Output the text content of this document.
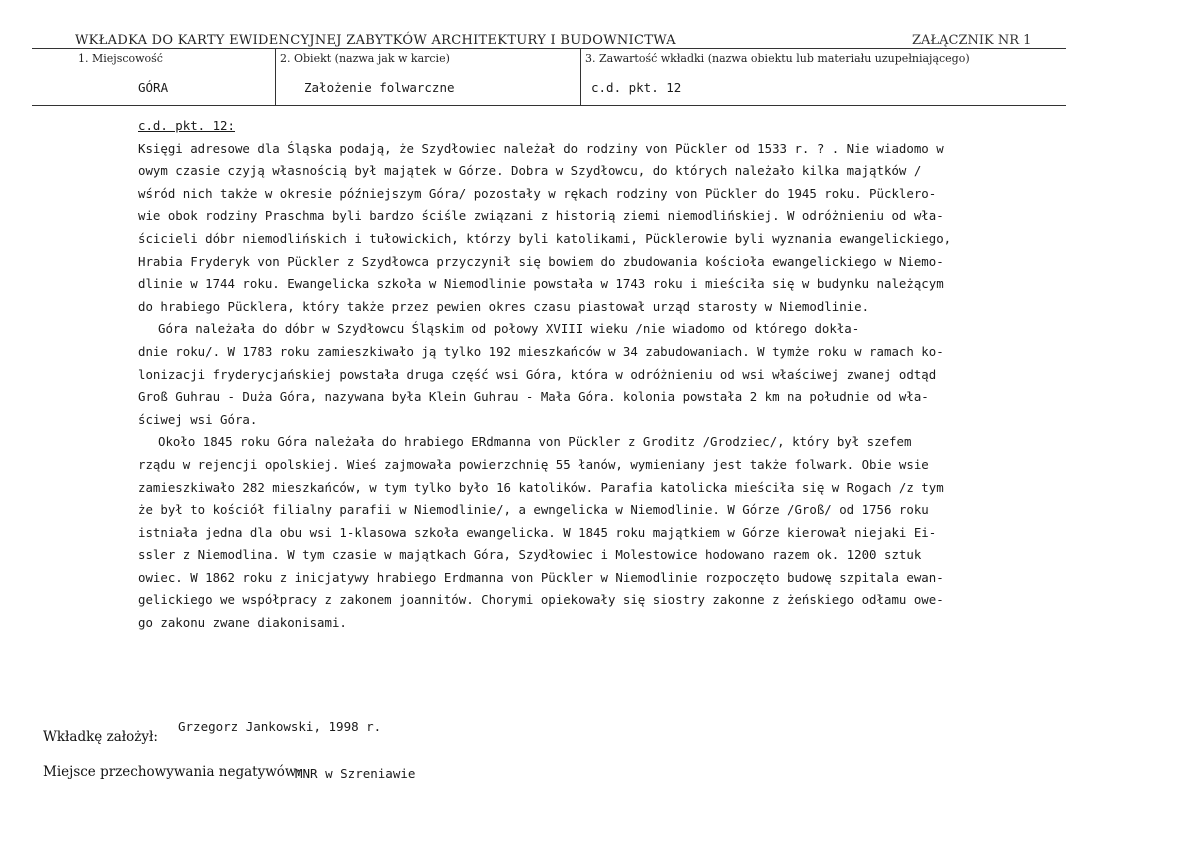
WKŁADKA DO KARTY EWIDENCYJNEJ ZABYTKÓW ARCHITEKTURY I BUDOWNICTWA	ZAŁĄCZNIK NR 1
1. Miejscowość
GÓRA
2. Obiekt (nazwa jak w karcie)
Założenie folwarczne
3. Zawartość wkładki (nazwa obiektu lub materiału uzupełniającego)
c.d. pkt. 12
c.d. pkt. 12:
Księgi adresowe dla Śląska podają, że Szydłowiec należał do rodziny von Pückler od 1533 r. ? . Nie wiadomo w
owym czasie czyją własnością był majątek w Górze. Dobra w Szydłowcu, do których należało kilka majątków /
wśród nich także w okresie późniejszym Góra/ pozostały w rękach rodziny von Pückler do 1945 roku. Pücklero-
wie obok rodziny Praschma byli bardzo ściśle związani z historią ziemi niemodlińskiej. W odróżnieniu od wła-
ścicieli dóbr niemodlińskich i tułowickich, którzy byli katolikami, Pücklerowie byli wyznania ewangelickiego,
Hrabia Fryderyk von Pückler z Szydłowca przyczynił się bowiem do zbudowania kościoła ewangelickiego w Niemo-
dlinie w 1744 roku. Ewangelicka szkoła w Niemodlinie powstała w 1743 roku i mieściła się w budynku należącym
do hrabiego Pücklera, który także przez pewien okres czasu piastował urząd starosty w Niemodlinie.
Góra należała do dóbr w Szydłowcu Śląskim od połowy XVIII wieku /nie wiadomo od którego dokła-
dnie roku/. W 1783 roku zamieszkiwało ją tylko 192 mieszkańców w 34 zabudowaniach. W tymże roku w ramach ko-
lonizacji fryderycjańskiej powstała druga część wsi Góra, która w odróżnieniu od wsi właściwej zwanej odtąd
Groß Guhrau - Duża Góra, nazywana była Klein Guhrau - Mała Góra. kolonia powstała 2 km na południe od wła-
ściwej wsi Góra.
Około 1845 roku Góra należała do hrabiego ERdmanna von Pückler z Groditz /Grodziec/, który był szefem
rządu w rejencji opolskiej. Wieś zajmowała powierzchnię 55 łanów, wymieniany jest także folwark. Obie wsie
zamieszkiwało 282 mieszkańców, w tym tylko było 16 katolików. Parafia katolicka mieściła się w Rogach /z tym
że był to kościół filialny parafii w Niemodlinie/, a ewngelicka w Niemodlinie. W Górze /Groß/ od 1756 roku
istniała jedna dla obu wsi 1-klasowa szkoła ewangelicka. W 1845 roku majątkiem w Górze kierował niejaki Ei-
ssler z Niemodlina. W tym czasie w majątkach Góra, Szydłowiec i Molestowice hodowano razem ok. 1200 sztuk
owiec. W 1862 roku z inicjatywy hrabiego Erdmanna von Pückler w Niemodlinie rozpoczęto budowę szpitala ewan-
gelickiego we współpracy z zakonem joannitów. Chorymi opiekowały się siostry zakonne z żeńskiego odłamu owe-
go zakonu zwane diakonisami.
Wkładkę założył:
Grzegorz Jankowski, 1998 r.
Miejsce przechowywania negatywów:
MNR w Szreniawie
